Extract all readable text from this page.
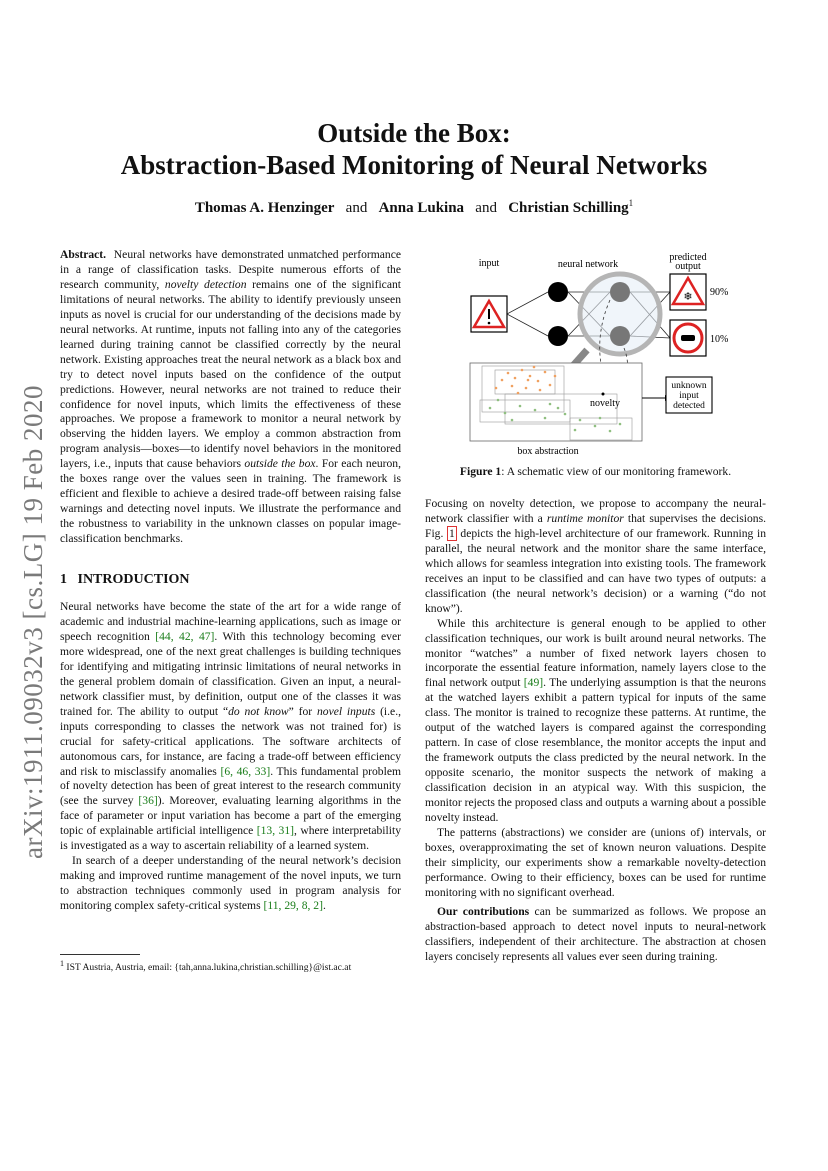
Outside the Box:
Abstraction-Based Monitoring of Neural Networks
Thomas A. Henzinger and Anna Lukina and Christian Schilling$^1$
arXiv:1911.09032v3 [cs.LG] 19 Feb 2020

Abstract. Neural networks have demonstrated unmatched performance in a range of classification tasks. Despite numerous efforts of the research community, novelty detection remains one of the significant limitations of neural networks. The ability to identify previously unseen inputs as novel is crucial for our understanding of the decisions made by neural networks. At runtime, inputs not falling into any of the categories learned during training cannot be classified correctly by the neural network. Existing approaches treat the neural network as a black box and try to detect novel inputs based on the confidence of the output predictions. However, neural networks are not trained to reduce their confidence for novel inputs, which limits the effectiveness of these approaches. We propose a framework to monitor a neural network by observing the hidden layers. We employ a common abstraction from program analysis—boxes—to identify novel behaviors in the monitored layers, i.e., inputs that cause behaviors outside the box. For each neuron, the boxes range over the values seen in training. The framework is efficient and flexible to achieve a desired trade-off between raising false warnings and detecting novel inputs. We illustrate the performance and the robustness to variability in the unknown classes on popular image-classification benchmarks.

1 INTRODUCTION

Neural networks have become the state of the art for a wide range of academic and industrial machine-learning applications, such as image or speech recognition [44, 42, 47]. With this technology becoming ever more widespread, one of the next great challenges is building techniques for identifying and mitigating intrinsic limitations of neural networks in the general problem domain of classification. Given an input, a neural-network classifier must, by definition, output one of the classes it was trained for. The ability to output “do not know” for novel inputs (i.e., inputs corresponding to classes the network was not trained for) is crucial for safety-critical applications. The software architects of autonomous cars, for instance, are facing a trade-off between efficiency and risk to misclassify anomalies [6, 46, 33]. This fundamental problem of novelty detection has been of great interest to the research community (see the survey [36]). Moreover, evaluating learning algorithms in the face of parameter or input variation has become a part of the emerging topic of explainable artificial intelligence [13, 31], where interpretability is investigated as a way to ascertain reliability of a learned system.

In search of a deeper understanding of the neural network’s decision making and improved runtime management of the novel inputs, we turn to abstraction techniques commonly used in program analysis for monitoring complex safety-critical systems [11, 29, 8, 2].

$^1$ IST Austria, Austria, email: {tah,anna.lukina,christian.schilling}@ist.ac.at
input	neural network
predicted
output
❄ 90%
10%
novelty
unknown
input
detected
box abstraction
Figure 1: A schematic view of our monitoring framework.

Focusing on novelty detection, we propose to accompany the neural-network classifier with a runtime monitor that supervises the decisions. Fig. 1 depicts the high-level architecture of our framework. Running in parallel, the neural network and the monitor share the same interface, which allows for seamless integration into existing tools. The framework receives an input to be classified and can have two types of outputs: a classification (the neural network’s decision) or a warning (“do not know”).

While this architecture is general enough to be applied to other classification techniques, our work is built around neural networks. The monitor “watches” a number of fixed network layers chosen to incorporate the essential feature information, namely layers close to the final network output [49]. The underlying assumption is that the neurons at the watched layers exhibit a pattern typical for inputs of the same class. The monitor is trained to recognize these patterns. At runtime, the output of the watched layers is compared against the corresponding pattern. In case of close resemblance, the monitor accepts the input and the framework outputs the class predicted by the neural network. In the opposite scenario, the monitor suspects the network of making a classification decision in an atypical way. With this suspicion, the monitor rejects the proposed class and outputs a warning about a possible novelty instead.

The patterns (abstractions) we consider are (unions of) intervals, or boxes, overapproximating the set of known neuron valuations. Despite their simplicity, our experiments show a remarkable novelty-detection performance. Owing to their efficiency, boxes can be used for runtime monitoring with no significant overhead.

Our contributions can be summarized as follows. We propose an abstraction-based approach to detect novel inputs to neural-network classifiers, independent of their architecture. The abstraction at chosen layers concisely represents all values ever seen during training.
